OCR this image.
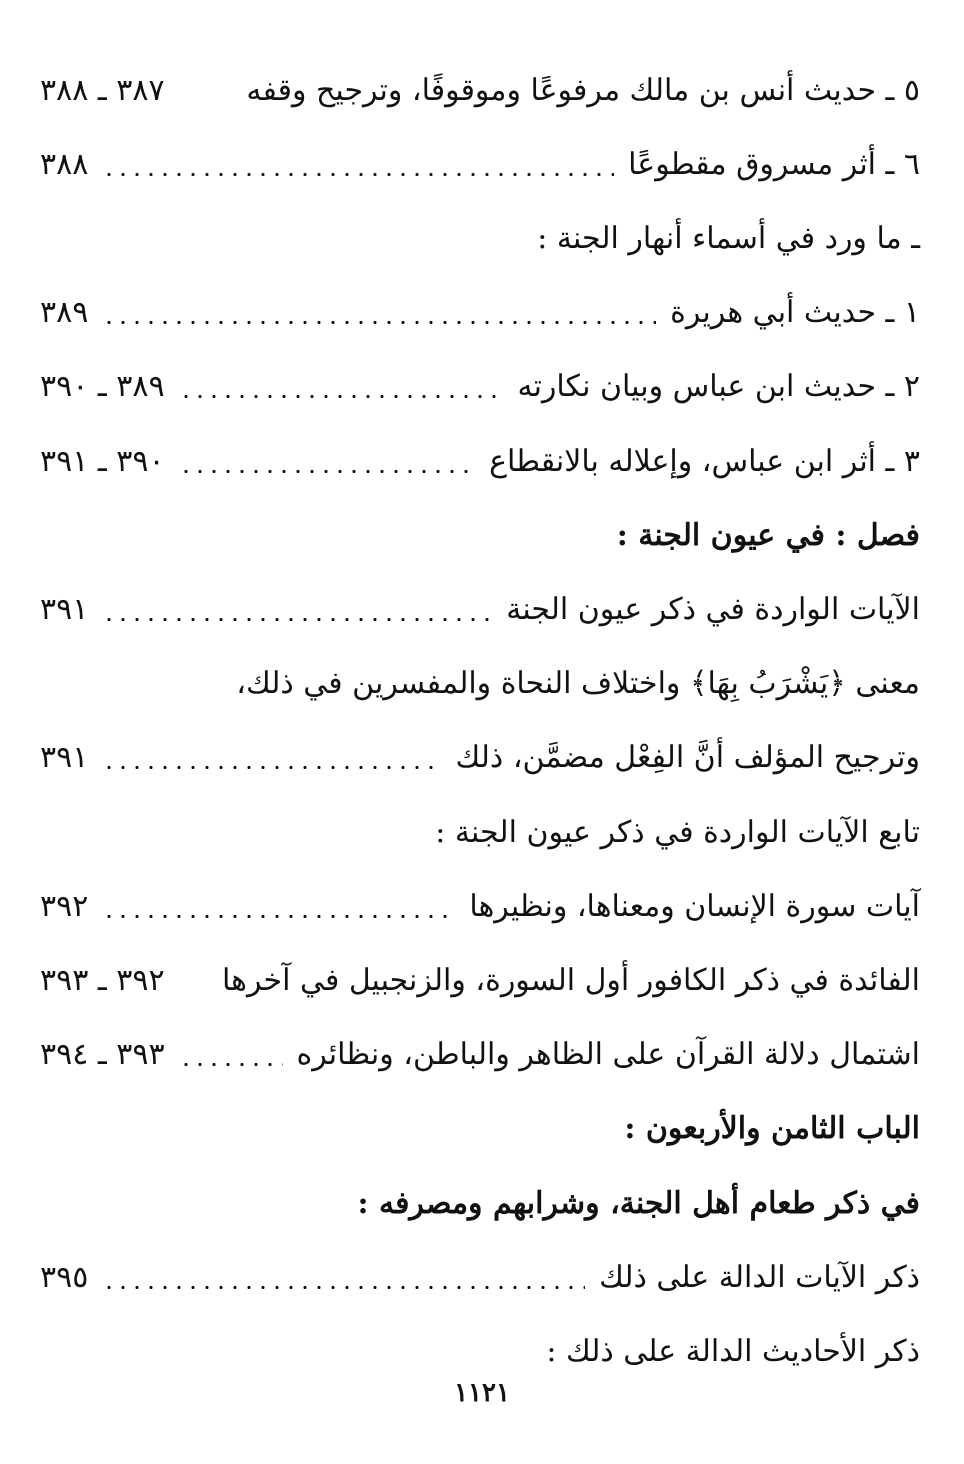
٥ ـ حديث أنس بن مالك مرفوعًا وموقوفًا، وترجيح وقفه
٣٨٧ ـ ٣٨٨
٦ ـ أثر مسروق مقطوعًا
٣٨٨
ـ ما ورد في أسماء أنهار الجنة :
١ ـ حديث أبي هريرة
٣٨٩
٢ ـ حديث ابن عباس وبيان نكارته
٣٨٩ ـ ٣٩٠
٣ ـ أثر ابن عباس، وإعلاله بالانقطاع
٣٩٠ ـ ٣٩١
فصل : في عيون الجنة :
الآيات الواردة في ذكر عيون الجنة
٣٩١
معنى ﴿يَشْرَبُ بِهَا﴾ واختلاف النحاة والمفسرين في ذلك،
وترجيح المؤلف أنَّ الفِعْل مضمَّن، ذلك
٣٩١
تابع الآيات الواردة في ذكر عيون الجنة :
آيات سورة الإنسان ومعناها، ونظيرها
٣٩٢
الفائدة في ذكر الكافور أول السورة، والزنجبيل في آخرها
٣٩٢ ـ ٣٩٣
اشتمال دلالة القرآن على الظاهر والباطن، ونظائره
٣٩٣ ـ ٣٩٤
الباب الثامن والأربعون :
في ذكر طعام أهل الجنة، وشرابهم ومصرفه :
ذكر الآيات الدالة على ذلك
٣٩٥
ذكر الأحاديث الدالة على ذلك :
١١٢١
